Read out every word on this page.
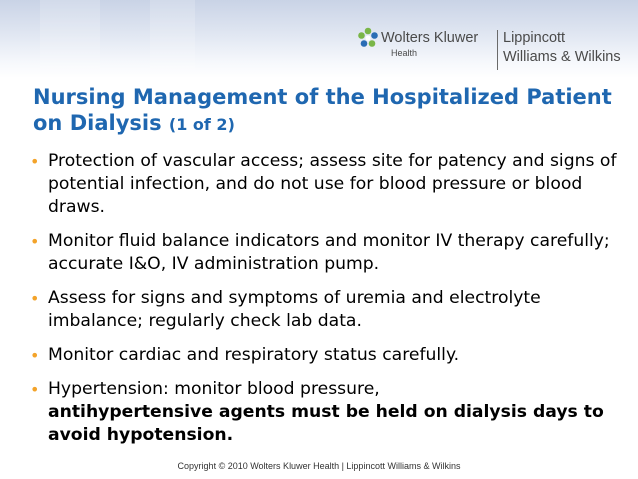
Wolters Kluwer
Health
Lippincott
Williams & Wilkins
Nursing Management of the Hospitalized Patient on Dialysis (1 of 2)
• Protection of vascular access; assess site for patency and signs of potential infection, and do not use for blood pressure or blood draws.
• Monitor fluid balance indicators and monitor IV therapy carefully; accurate I&O, IV administration pump.
• Assess for signs and symptoms of uremia and electrolyte imbalance; regularly check lab data.
• Monitor cardiac and respiratory status carefully.
• Hypertension: monitor blood pressure,
antihypertensive agents must be held on dialysis days to avoid hypotension.
Copyright © 2010 Wolters Kluwer Health | Lippincott Williams & Wilkins
